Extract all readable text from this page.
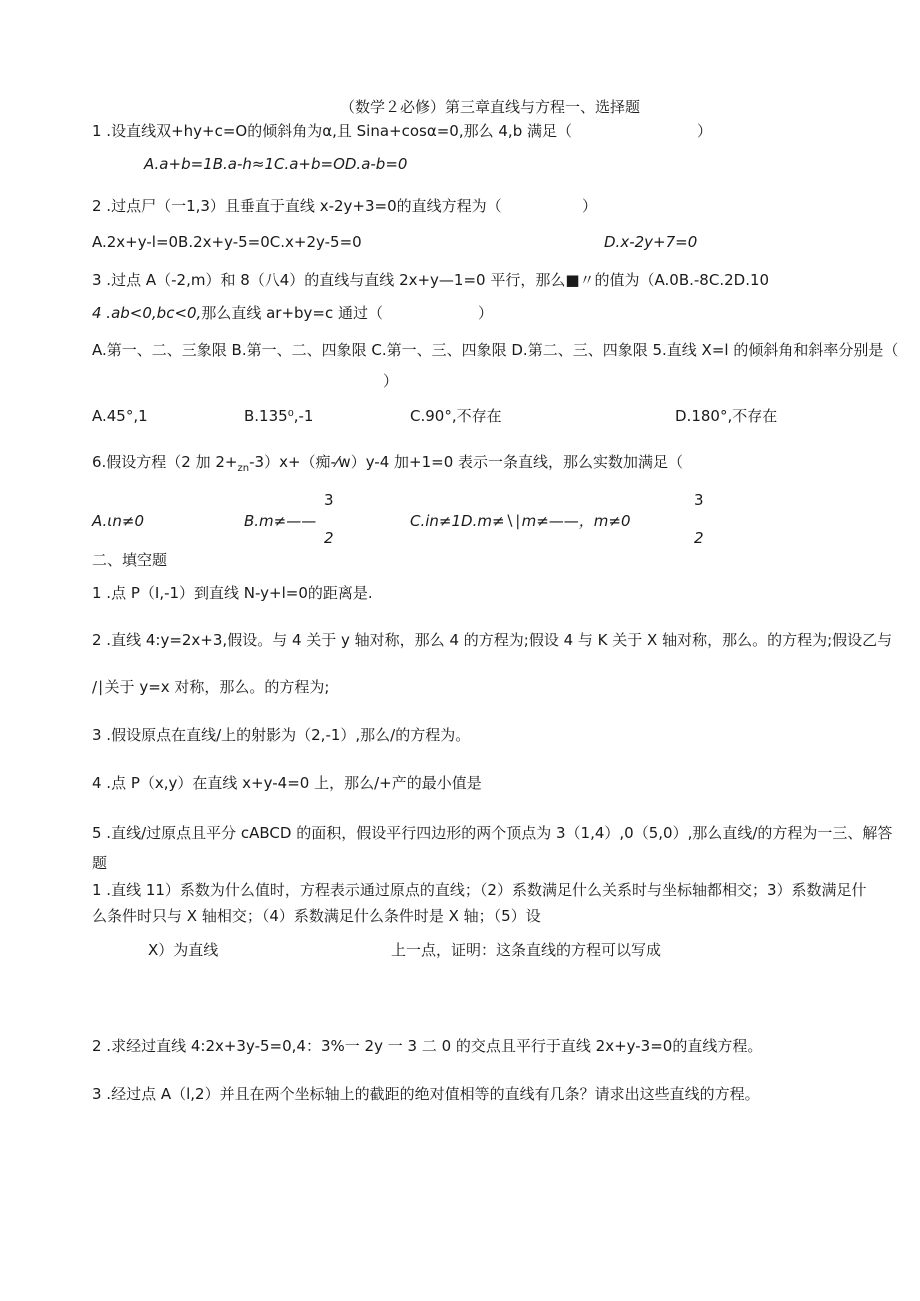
（数学２必修）第三章直线与方程一、选择题
1 .设直线双+hy+c=O的倾斜角为α,且 Sina+cosα=0,那么 4,b 满足（	）
A.a+b=1B.a-h≈1C.a+b=OD.a-b=0
2 .过点尸（一1,3）且垂直于直线 x-2y+3=0的直线方程为（	）
A.2x+y-l=0B.2x+y-5=0C.x+2y-5=0	D.x-2y+7=0
3 .过点 A（-2,m）和 8（八4）的直线与直线 2x+y—1=0 平行，那么■〃的值为（A.0B.-8C.2D.10
4 .ab<0,bc<0,那么直线 ar+by=c 通过（	）
A.第一、二、三象限 B.第一、二、四象限 C.第一、三、四象限 D.第二、三、四象限 5.直线 X=l 的倾斜角和斜率分别是（
）
A.45°,1	B.135⁰,-1	C.90°,不存在	D.180°,不存在
6.假设方程（2 加 $2+_{zn}-3)x+$（痴-⁄w）y-4 加+1=0 表示一条直线，那么实数加满足（
3	3
A.ιn≠0	B.m≠——	C.in≠1D.m≠∖∣m≠——，m≠0
2	2
二、填空题
1 .点 P（I,-1）到直线 N-y+l=0的距离是.
2 .直线 4:y=2x+3,假设。与 4 关于 y 轴对称，那么 4 的方程为;假设 4 与 K 关于 X 轴对称，那么。的方程为;假设乙与
/∣关于 y=x 对称，那么。的方程为;
3 .假设原点在直线/上的射影为（2,-1）,那么/的方程为。
4 .点 P（x,y）在直线 x+y-4=0 上，那么/+产的最小值是
5 .直线/过原点且平分 cABCD 的面积，假设平行四边形的两个顶点为 3（1,4）,0（5,0）,那么直线/的方程为一三、解答
题
1 .直线 11）系数为什么值时，方程表示通过原点的直线；（2）系数满足什么关系时与坐标轴都相交；3）系数满足什
么条件时只与 X 轴相交；（4）系数满足什么条件时是 X 轴；（5）设
X）为直线	上一点，证明：这条直线的方程可以写成
2 .求经过直线 4:2x+3y-5=0,4：3%一 2y 一 3 二 0 的交点且平行于直线 2x+y-3=0的直线方程。
3 .经过点 A（l,2）并且在两个坐标轴上的截距的绝对值相等的直线有几条？请求出这些直线的方程。
